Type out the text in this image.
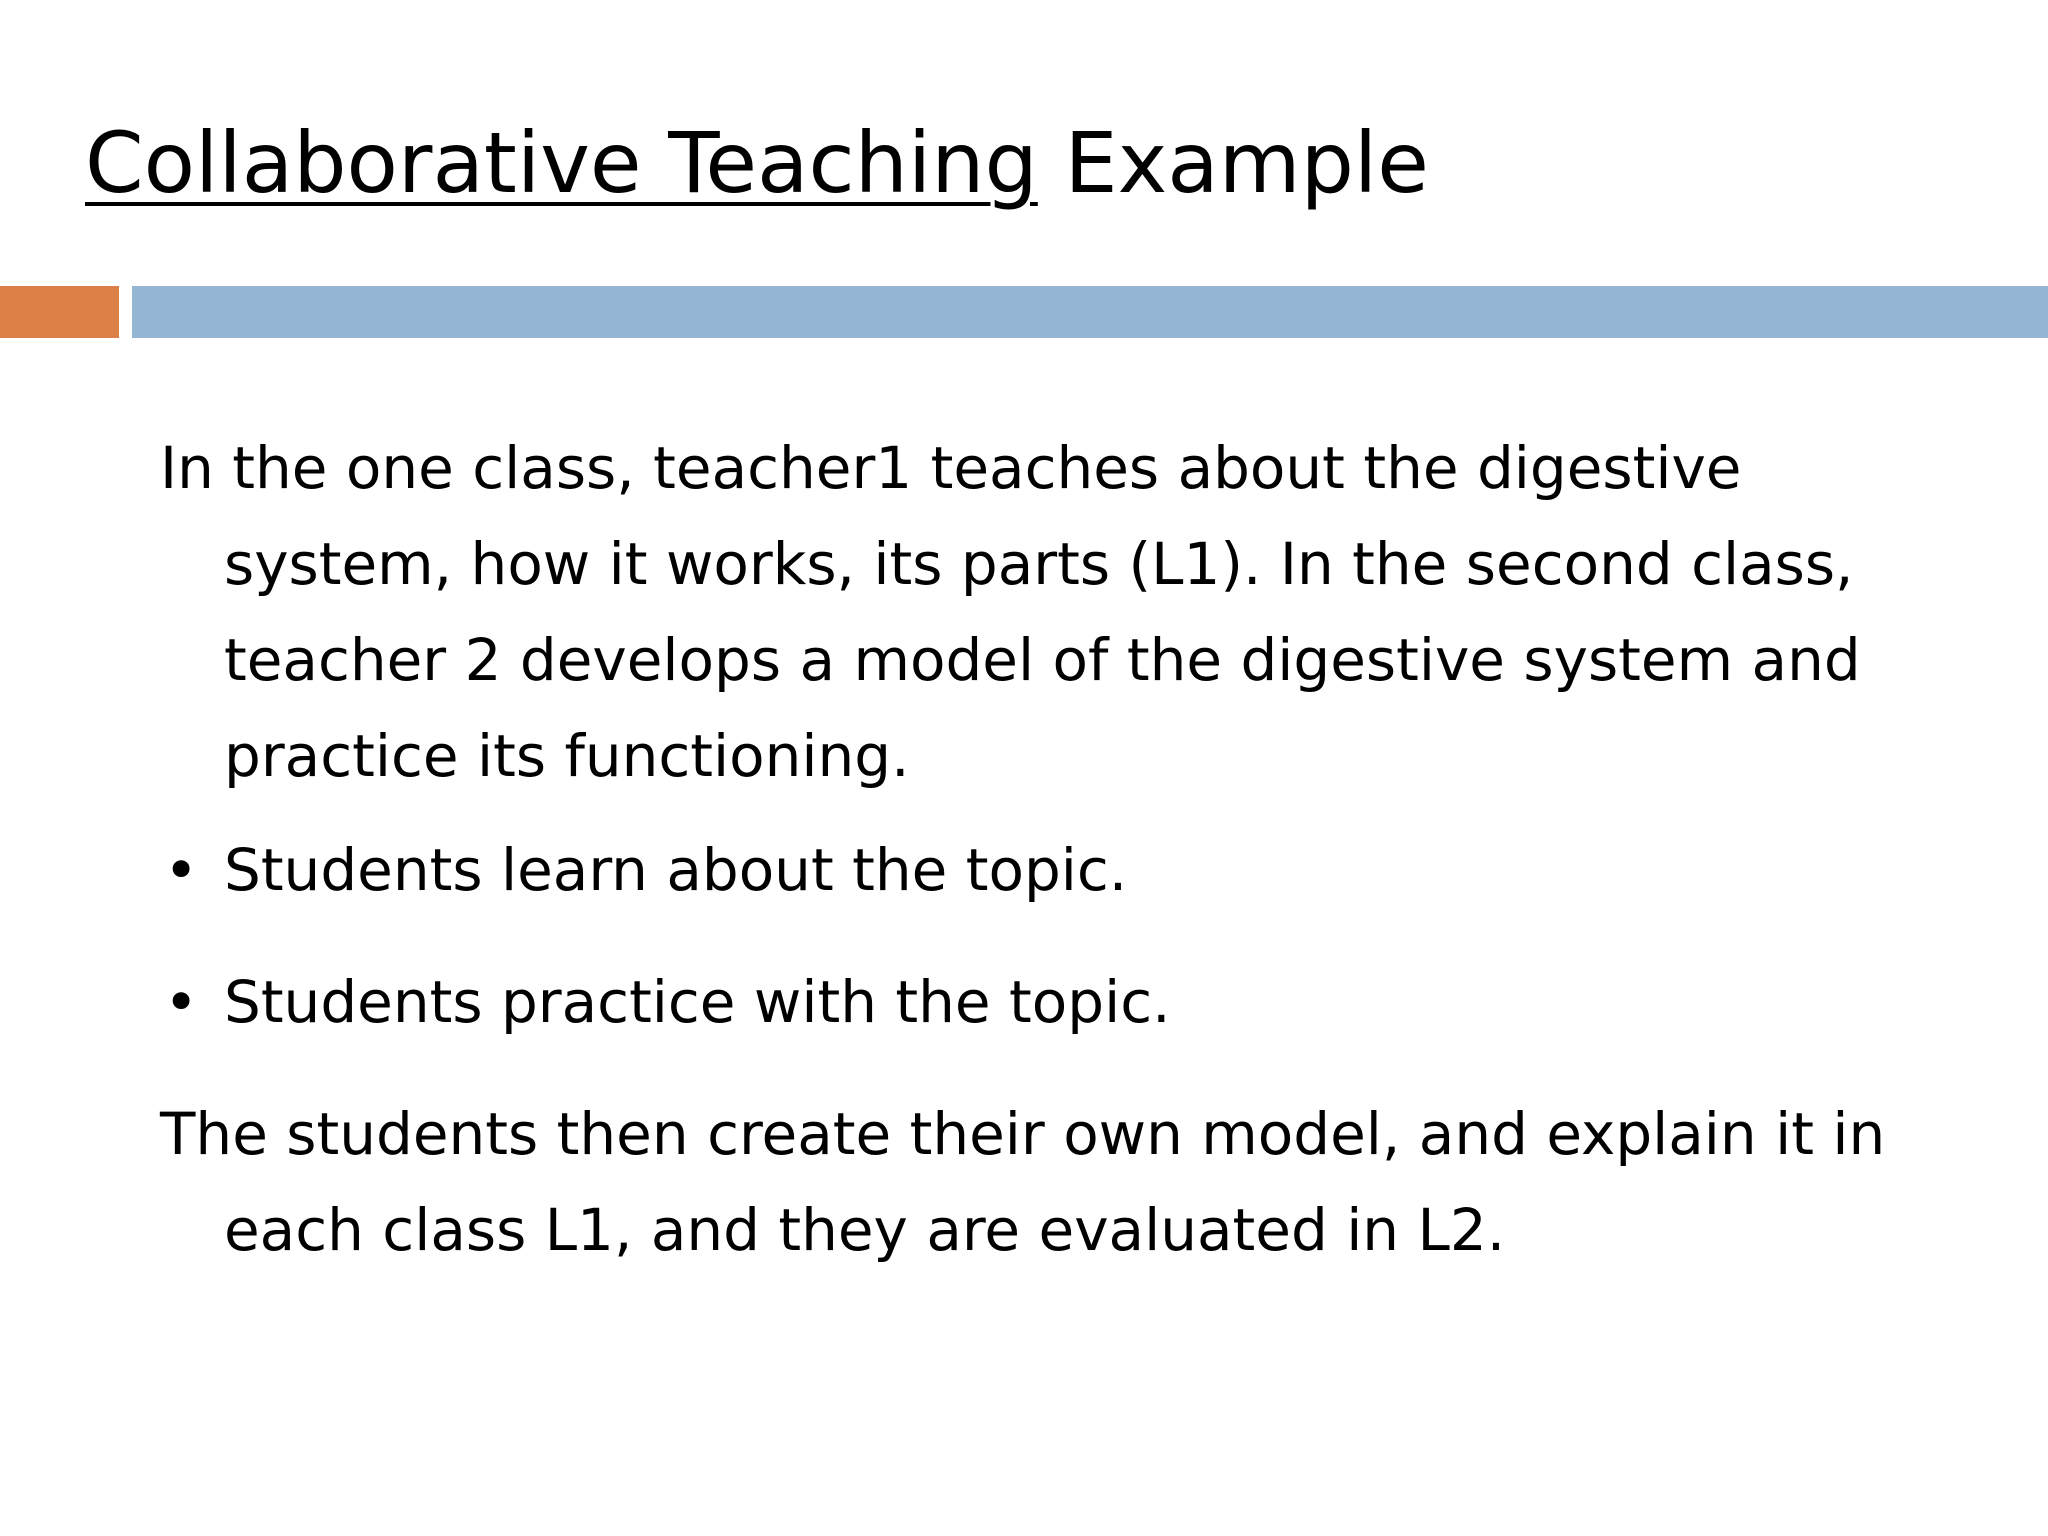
Collaborative Teaching Example

In the one class, teacher1 teaches about the digestive system, how it works, its parts (L1). In the second class, teacher 2 develops a model of the digestive system and practice its functioning.

• Students learn about the topic.
• Students practice with the topic.

The students then create their own model, and explain it in each class L1, and they are evaluated in L2.
